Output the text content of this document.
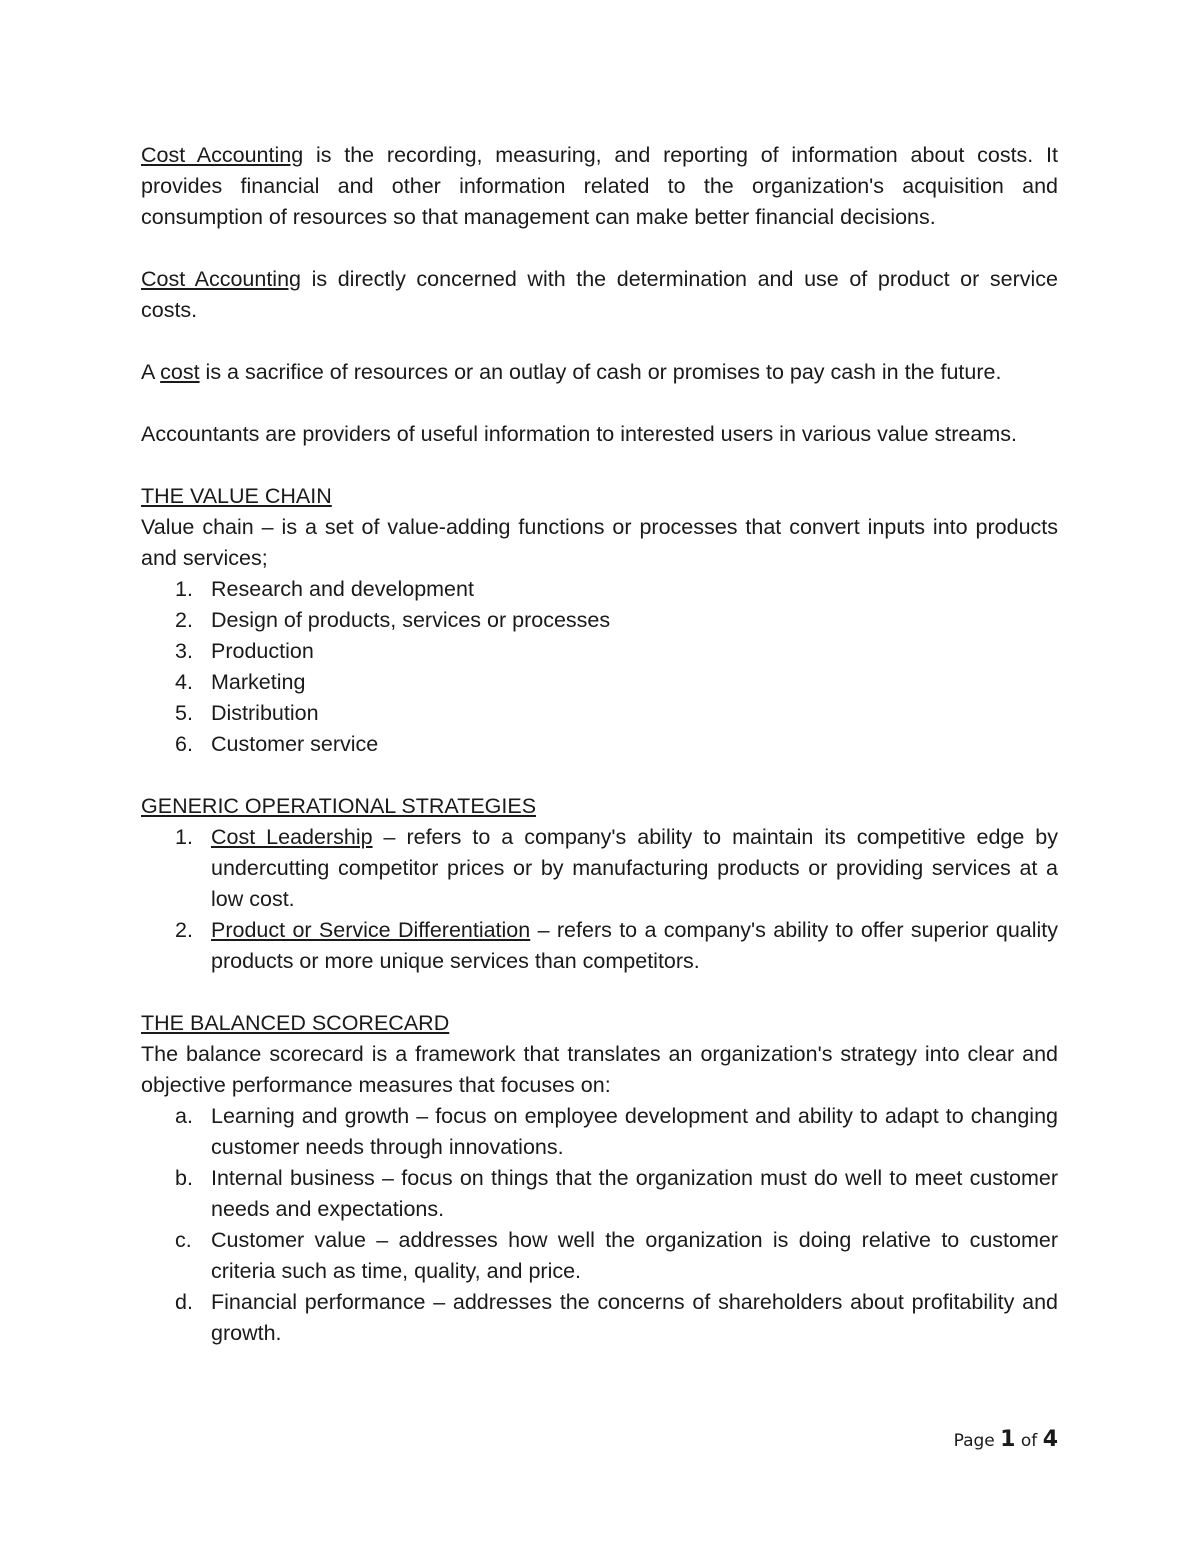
Cost Accounting is the recording, measuring, and reporting of information about costs. It provides financial and other information related to the organization's acquisition and consumption of resources so that management can make better financial decisions.

Cost Accounting is directly concerned with the determination and use of product or service costs.

A cost is a sacrifice of resources or an outlay of cash or promises to pay cash in the future.

Accountants are providers of useful information to interested users in various value streams.

THE VALUE CHAIN

Value chain – is a set of value-adding functions or processes that convert inputs into products and services;

1. Research and development
2. Design of products, services or processes
3. Production
4. Marketing
5. Distribution
6. Customer service
GENERIC OPERATIONAL STRATEGIES
1. Cost Leadership – refers to a company's ability to maintain its competitive edge by undercutting competitor prices or by manufacturing products or providing services at a low cost.
2. Product or Service Differentiation – refers to a company's ability to offer superior quality products or more unique services than competitors.
THE BALANCED SCORECARD

The balance scorecard is a framework that translates an organization's strategy into clear and objective performance measures that focuses on:

a. Learning and growth – focus on employee development and ability to adapt to changing customer needs through innovations.
b. Internal business – focus on things that the organization must do well to meet customer needs and expectations.
c. Customer value – addresses how well the organization is doing relative to customer criteria such as time, quality, and price.
d. Financial performance – addresses the concerns of shareholders about profitability and growth.
Page 1 of 4
